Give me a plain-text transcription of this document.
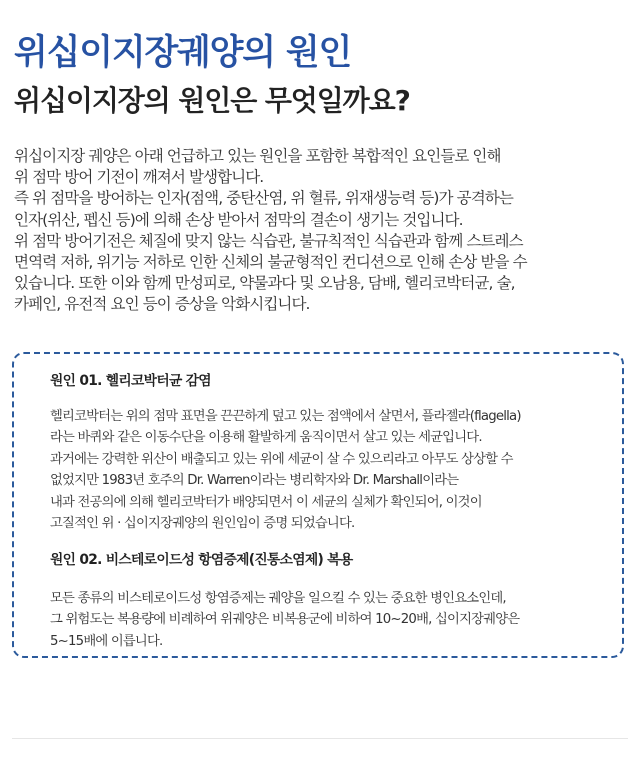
위십이지장궤양의 원인
위십이지장의 원인은 무엇일까요?

위십이지장 궤양은 아래 언급하고 있는 원인을 포함한 복합적인 요인들로 인해

위 점막 방어 기전이 깨져서 발생합니다.

즉 위 점막을 방어하는 인자(점액, 중탄산염, 위 혈류, 위재생능력 등)가 공격하는

인자(위산, 펩신 등)에 의해 손상 받아서 점막의 결손이 생기는 것입니다.

위 점막 방어기전은 체질에 맞지 않는 식습관, 불규칙적인 식습관과 함께 스트레스

면역력 저하, 위기능 저하로 인한 신체의 불균형적인 컨디션으로 인해 손상 받을 수

있습니다. 또한 이와 함께 만성피로, 약물과다 및 오남용, 담배, 헬리코박터균, 술,

카페인, 유전적 요인 등이 증상을 악화시킵니다.

원인 01. 헬리코박터균 감염

헬리코박터는 위의 점막 표면을 끈끈하게 덮고 있는 점액에서 살면서, 플라젤라(flagella)

라는 바퀴와 같은 이동수단을 이용해 활발하게 움직이면서 살고 있는 세균입니다.

과거에는 강력한 위산이 배출되고 있는 위에 세균이 살 수 있으리라고 아무도 상상할 수

없었지만 1983년 호주의 Dr. Warren이라는 병리학자와 Dr. Marshall이라는

내과 전공의에 의해 헬리코박터가 배양되면서 이 세균의 실체가 확인되어, 이것이

고질적인 위 · 십이지장궤양의 원인임이 증명 되었습니다.

원인 02. 비스테로이드성 항염증제(진통소염제) 복용

모든 종류의 비스테로이드성 항염증제는 궤양을 일으킬 수 있는 중요한 병인요소인데,

그 위험도는 복용량에 비례하여 위궤양은 비복용군에 비하여 10~20배, 십이지장궤양은

5~15배에 이릅니다.
